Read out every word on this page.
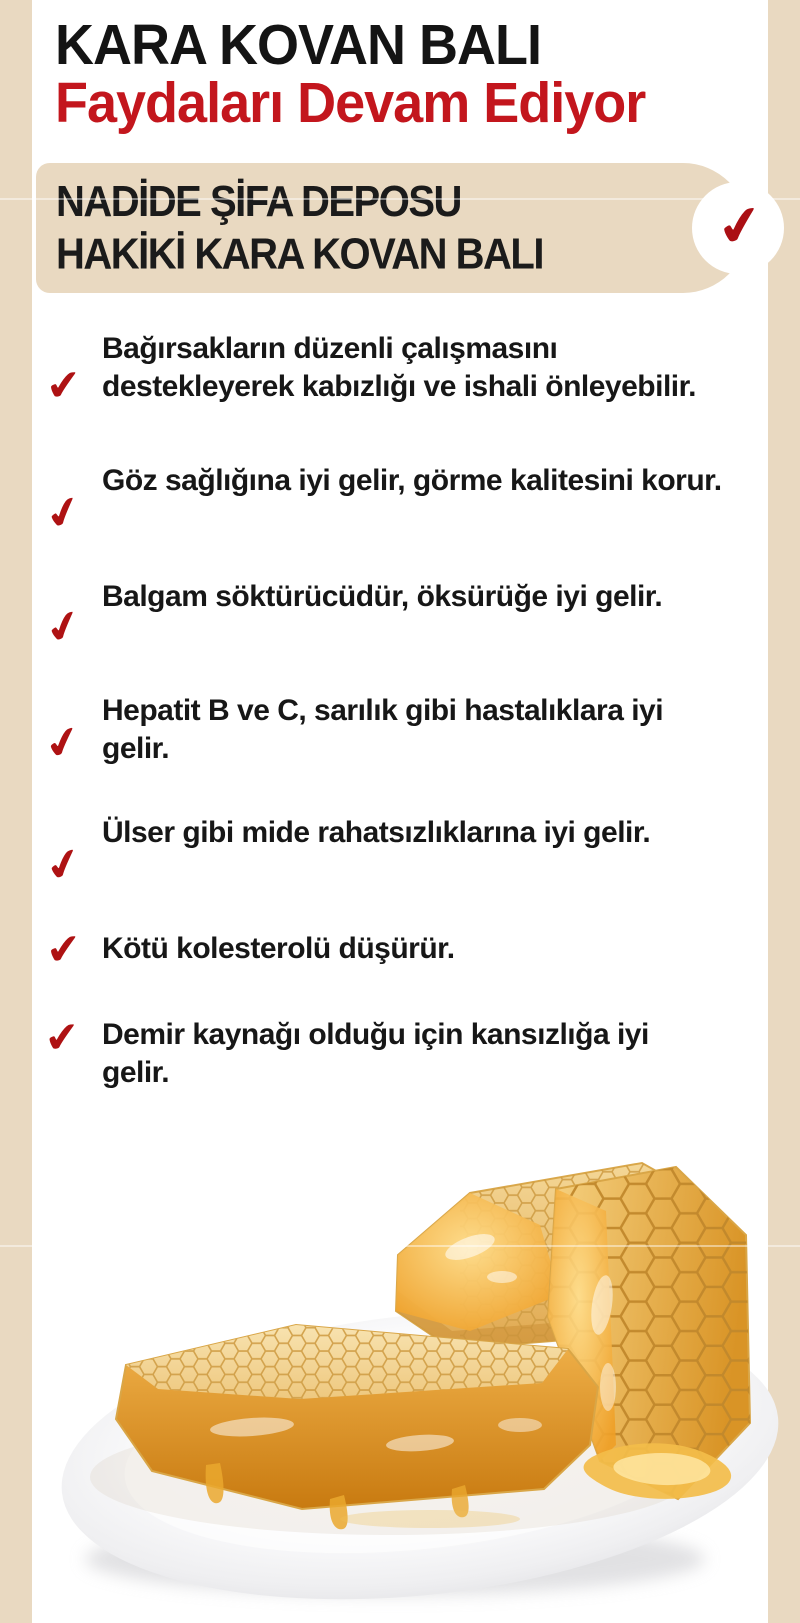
KARA KOVAN BALI
Faydaları Devam Ediyor
NADİDE ŞİFA DEPOSU
HAKİKİ KARA KOVAN BALI	✔
✔

Bağırsakların düzenli çalışmasını destekleyerek kabızlığı ve ishali önleyebilir.

✔

Göz sağlığına iyi gelir, görme kalitesini korur.

✔

Balgam söktürücüdür, öksürüğe iyi gelir.

✔

Hepatit B ve C, sarılık gibi hastalıklara iyi gelir.

✔

Ülser gibi mide rahatsızlıklarına iyi gelir.

✔ Kötü kolesterolü düşürür.

✔ Demir kaynağı olduğu için kansızlığa iyi gelir.
